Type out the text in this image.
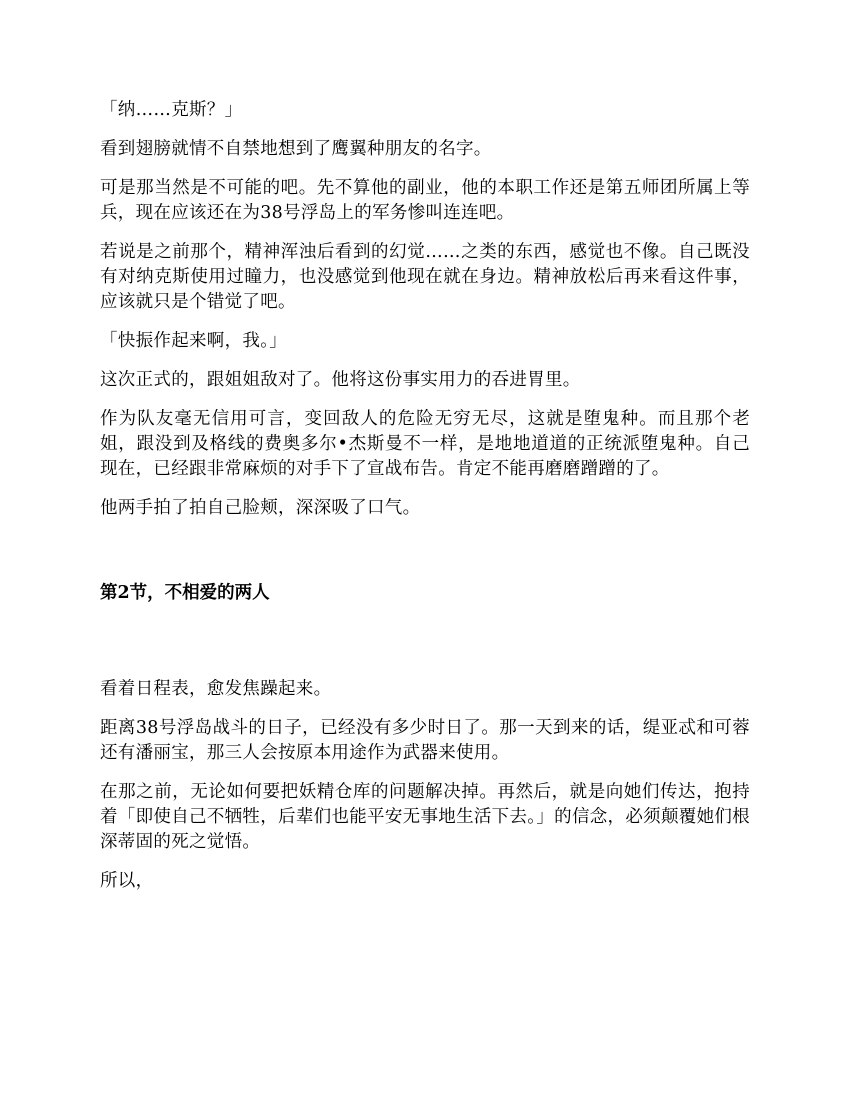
「纳……克斯？」

看到翅膀就情不自禁地想到了鹰翼种朋友的名字。

可是那当然是不可能的吧。先不算他的副业，他的本职工作还是第五师团所属上等兵，现在应该还在为38号浮岛上的军务惨叫连连吧。

若说是之前那个，精神浑浊后看到的幻觉……之类的东西，感觉也不像。自己既没有对纳克斯使用过瞳力，也没感觉到他现在就在身边。精神放松后再来看这件事，应该就只是个错觉了吧。

「快振作起来啊，我。」

这次正式的，跟姐姐敌对了。他将这份事实用力的吞进胃里。

作为队友毫无信用可言，变回敌人的危险无穷无尽，这就是堕鬼种。而且那个老姐，跟没到及格线的费奥多尔•杰斯曼不一样，是地地道道的正统派堕鬼种。自己现在，已经跟非常麻烦的对手下了宣战布告。肯定不能再磨磨蹭蹭的了。

他两手拍了拍自己脸颊，深深吸了口气。

第2节，不相爱的两人

看着日程表，愈发焦躁起来。

距离38号浮岛战斗的日子，已经没有多少时日了。那一天到来的话，缇亚忒和可蓉还有潘丽宝，那三人会按原本用途作为武器来使用。

在那之前，无论如何要把妖精仓库的问题解决掉。再然后，就是向她们传达，抱持着「即使自己不牺牲，后辈们也能平安无事地生活下去。」的信念，必须颠覆她们根深蒂固的死之觉悟。

所以，
